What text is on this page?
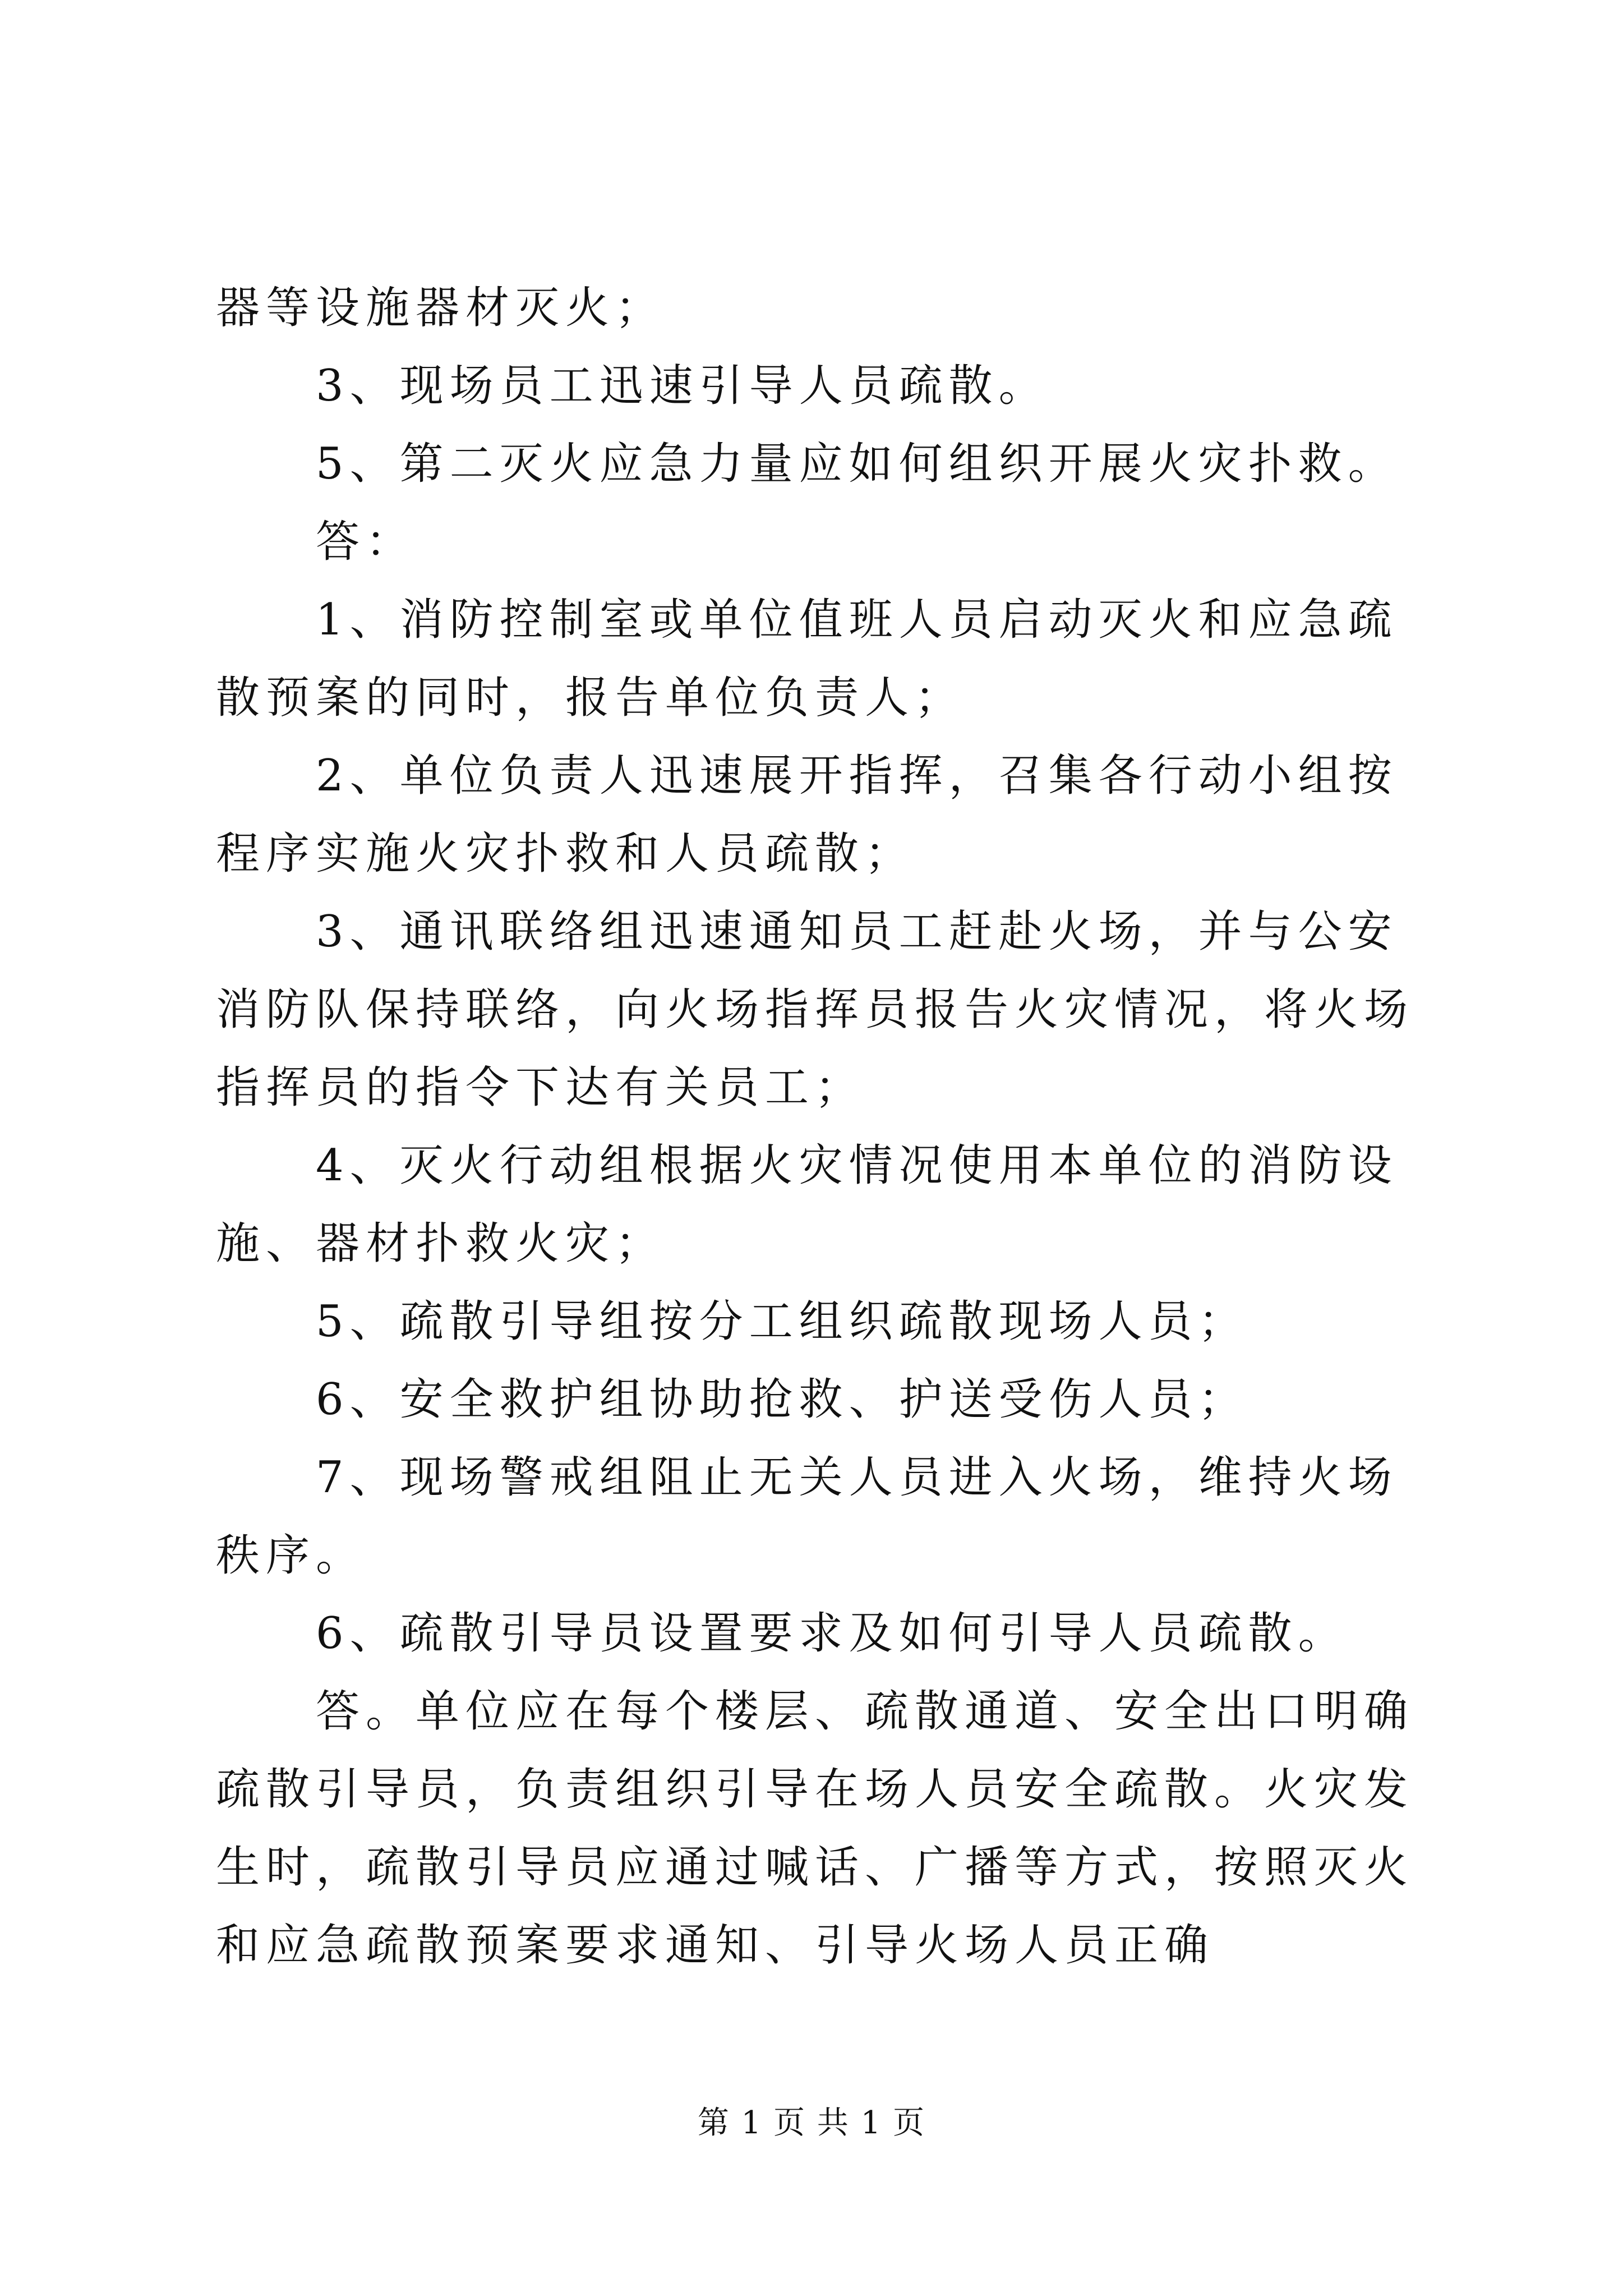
器等设施器材灭火；

3、现场员工迅速引导人员疏散。

5、第二灭火应急力量应如何组织开展火灾扑救。

答：

1、消防控制室或单位值班人员启动灭火和应急疏散预案的同时，报告单位负责人；

2、单位负责人迅速展开指挥，召集各行动小组按程序实施火灾扑救和人员疏散；

3、通讯联络组迅速通知员工赶赴火场，并与公安消防队保持联络，向火场指挥员报告火灾情况，将火场指挥员的指令下达有关员工；

4、灭火行动组根据火灾情况使用本单位的消防设施、器材扑救火灾；

5、疏散引导组按分工组织疏散现场人员；

6、安全救护组协助抢救、护送受伤人员；

7、现场警戒组阻止无关人员进入火场，维持火场秩序。

6、疏散引导员设置要求及如何引导人员疏散。

答。单位应在每个楼层、疏散通道、安全出口明确疏散引导员，负责组织引导在场人员安全疏散。火灾发生时，疏散引导员应通过喊话、广播等方式，按照灭火和应急疏散预案要求通知、引导火场人员正确

第 1 页 共 1 页
